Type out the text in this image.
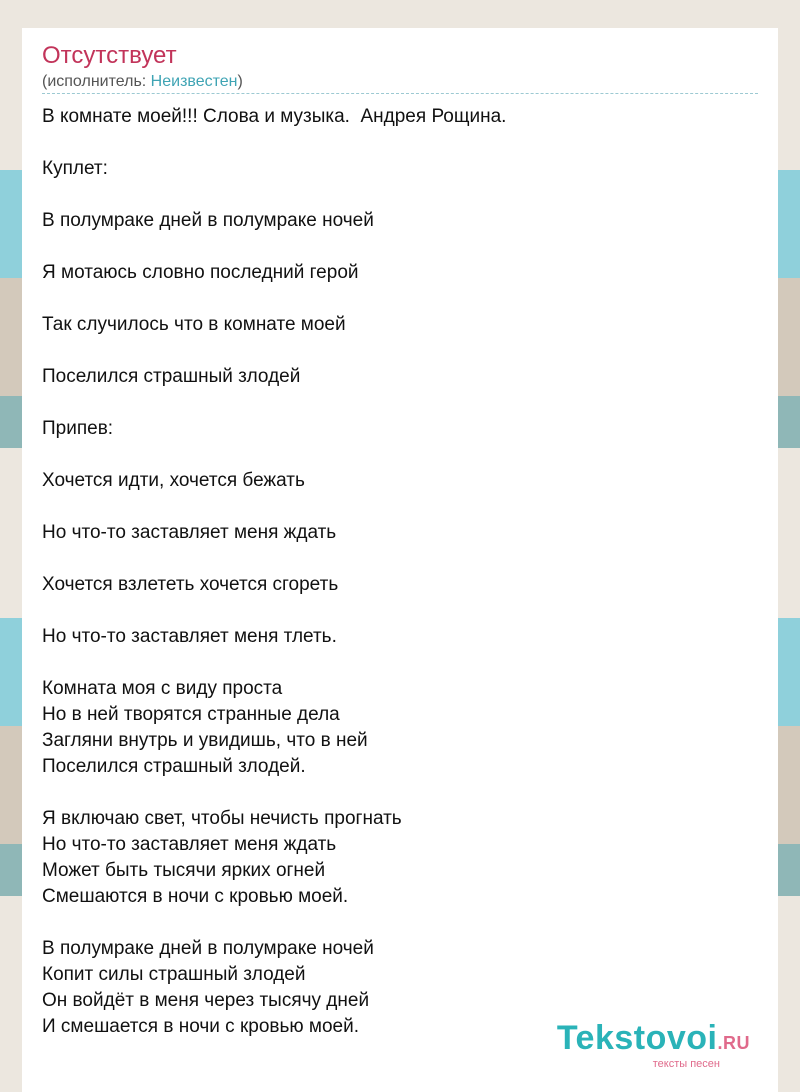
Отсутствует
(исполнитель: Неизвестен)
В комнате моей!!! Слова и музыка.  Андрея Рощина.
Куплет:
В полумраке дней в полумраке ночей
Я мотаюсь словно последний герой
Так случилось что в комнате моей
Поселился страшный злодей
Припев:
Хочется идти, хочется бежать
Но что-то заставляет меня ждать
Хочется взлететь хочется сгореть
Но что-то заставляет меня тлеть.
Комната моя с виду проста
Но в ней творятся странные дела
Загляни внутрь и увидишь, что в ней
Поселился страшный злодей.
Я включаю свет, чтобы нечисть прогнать
Но что-то заставляет меня ждать
Может быть тысячи ярких огней
Смешаются в ночи с кровью моей.
В полумраке дней в полумраке ночей
Копит силы страшный злодей
Он войдёт в меня через тысячу дней
И смешается в ночи с кровью моей.	Tekstovoi.RU
тексты песен
